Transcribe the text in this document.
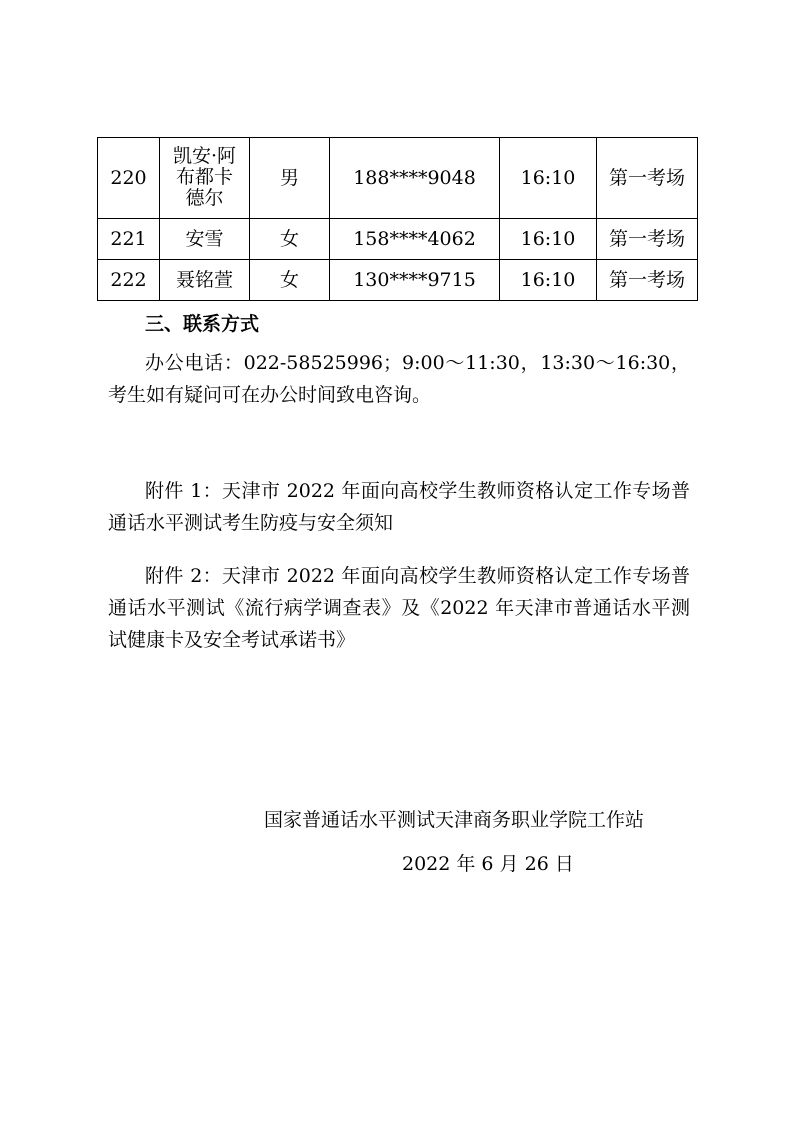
220	凯安·阿布都卡德尔	男	188****9048	16:10	第一考场
221	安雪	女	158****4062	16:10	第一考场
222	聂铭萱	女	130****9715	16:10	第一考场
三、联系方式
办公电话：022-58525996；9:00～11:30，13:30～16:30，考生如有疑问可在办公时间致电咨询。
附件 1：天津市 2022 年面向高校学生教师资格认定工作专场普通话水平测试考生防疫与安全须知
附件 2：天津市 2022 年面向高校学生教师资格认定工作专场普通话水平测试《流行病学调查表》及《2022 年天津市普通话水平测试健康卡及安全考试承诺书》
国家普通话水平测试天津商务职业学院工作站
2022 年 6 月 26 日
